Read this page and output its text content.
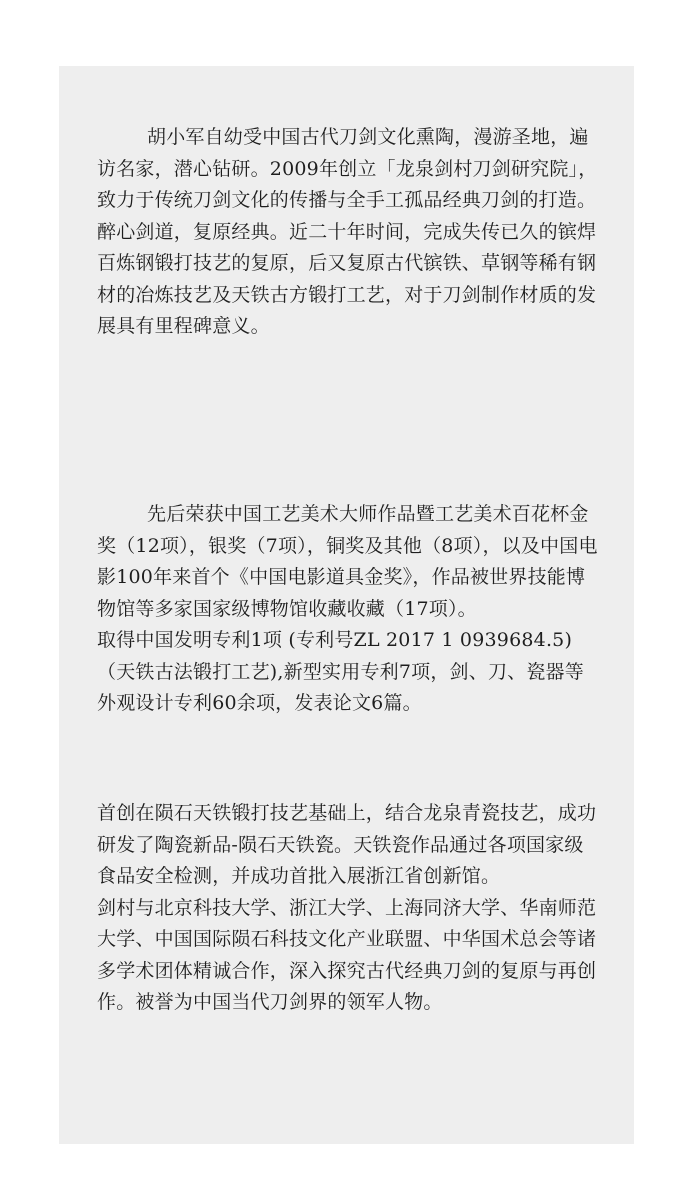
胡小军自幼受中国古代刀剑文化熏陶，漫游圣地，遍访名家，潜心钻研。2009年创立「龙泉剑村刀剑研究院」，致力于传统刀剑文化的传播与全手工孤品经典刀剑的打造。

醉心剑道，复原经典。近二十年时间，完成失传已久的镔焊百炼钢锻打技艺的复原，后又复原古代镔铁、草钢等稀有钢材的冶炼技艺及天铁古方锻打工艺，对于刀剑制作材质的发展具有里程碑意义。

先后荣获中国工艺美术大师作品暨工艺美术百花杯金奖（12项），银奖（7项），铜奖及其他（8项），以及中国电影100年来首个《中国电影道具金奖》，作品被世界技能博物馆等多家国家级博物馆收藏收藏（17项）。

取得中国发明专利1项 (专利号ZL 2017 1 0939684.5)（天铁古法锻打工艺),新型实用专利7项，剑、刀、瓷器等外观设计专利60余项，发表论文6篇。

首创在陨石天铁锻打技艺基础上，结合龙泉青瓷技艺，成功研发了陶瓷新品-陨石天铁瓷。天铁瓷作品通过各项国家级食品安全检测，并成功首批入展浙江省创新馆。

剑村与北京科技大学、浙江大学、上海同济大学、华南师范大学、中国国际陨石科技文化产业联盟、中华国术总会等诸多学术团体精诚合作，深入探究古代经典刀剑的复原与再创作。被誉为中国当代刀剑界的领军人物。
